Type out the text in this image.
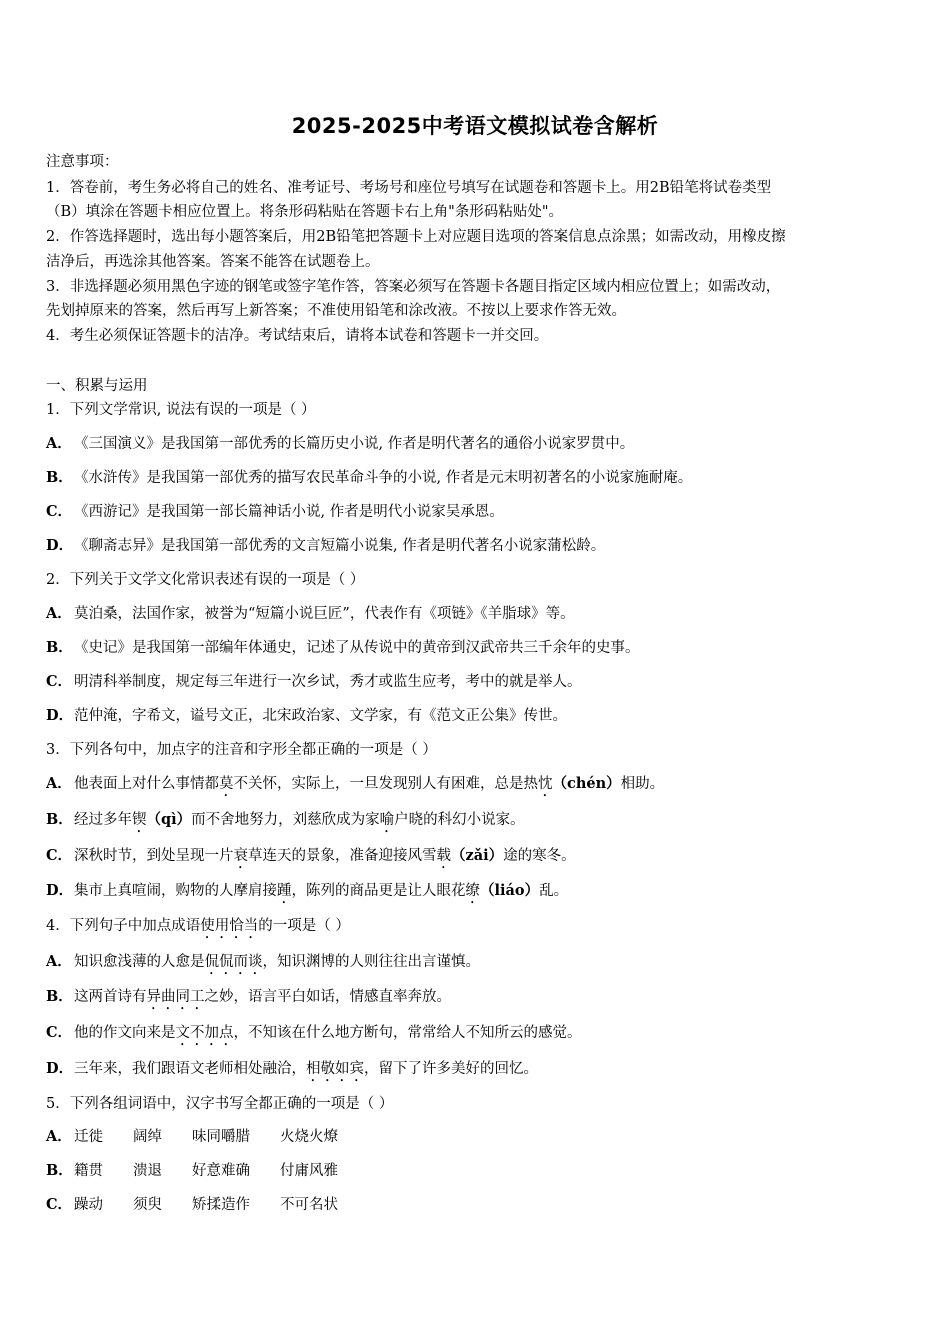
2025-2025中考语文模拟试卷含解析
注意事项：
1．答卷前，考生务必将自己的姓名、准考证号、考场号和座位号填写在试题卷和答题卡上。用2B铅笔将试卷类型
（B）填涂在答题卡相应位置上。将条形码粘贴在答题卡右上角"条形码粘贴处"。
2．作答选择题时，选出每小题答案后，用2B铅笔把答题卡上对应题目选项的答案信息点涂黑；如需改动，用橡皮擦
洁净后，再选涂其他答案。答案不能答在试题卷上。
3．非选择题必须用黑色字迹的钢笔或签字笔作答，答案必须写在答题卡各题目指定区域内相应位置上；如需改动，
先划掉原来的答案，然后再写上新答案；不准使用铅笔和涂改液。不按以上要求作答无效。
4．考生必须保证答题卡的洁净。考试结束后，请将本试卷和答题卡一并交回。
一、积累与运用
1．下列文学常识, 说法有误的一项是（ ）
A． 《三国演义》是我国第一部优秀的长篇历史小说, 作者是明代著名的通俗小说家罗贯中。
B．《水浒传》是我国第一部优秀的描写农民革命斗争的小说, 作者是元末明初著名的小说家施耐庵。
C． 《西游记》是我国第一部长篇神话小说, 作者是明代小说家吴承恩。
D．《聊斋志异》是我国第一部优秀的文言短篇小说集, 作者是明代著名小说家蒲松龄。
2．下列关于文学文化常识表述有误的一项是（ ）
A． 莫泊桑，法国作家，被誉为“短篇小说巨匠”，代表作有《项链》《羊脂球》等。
B．《史记》是我国第一部编年体通史，记述了从传说中的黄帝到汉武帝共三千余年的史事。
C． 明清科举制度，规定每三年进行一次乡试，秀才或监生应考，考中的就是举人。
D．范仲淹，字希文，谥号文正，北宋政治家、文学家，有《范文正公集》传世。
3．下列各句中，加点字的注音和字形全都正确的一项是（ ）
A． 他表面上对什么事情都莫不关怀，实际上，一旦发现别人有困难，总是热忱（chén）相助。
B．经过多年锲（qì）而不舍地努力，刘慈欣成为家喻户晓的科幻小说家。
C． 深秋时节，到处呈现一片衰草连天的景象，准备迎接风雪载（zǎi）途的寒冬。
D．集市上真喧闹，购物的人摩肩接踵，陈列的商品更是让人眼花缭（liáo）乱。
4．下列句子中加点成语使用恰当的一项是（ ）
A． 知识愈浅薄的人愈是侃侃而谈，知识渊博的人则往往出言谨慎。
B．这两首诗有异曲同工之妙，语言平白如话，情感直率奔放。
C． 他的作文向来是文不加点，不知该在什么地方断句，常常给人不知所云的感觉。
D．三年来，我们跟语文老师相处融洽，相敬如宾，留下了许多美好的回忆。
5．下列各组词语中，汉字书写全都正确的一项是（ ）
A． 迁徙 阔绰 味同嚼腊 火烧火燎
B．籍贯 溃退 好意难确 付庸风雅
C． 躁动 须臾 矫揉造作 不可名状
